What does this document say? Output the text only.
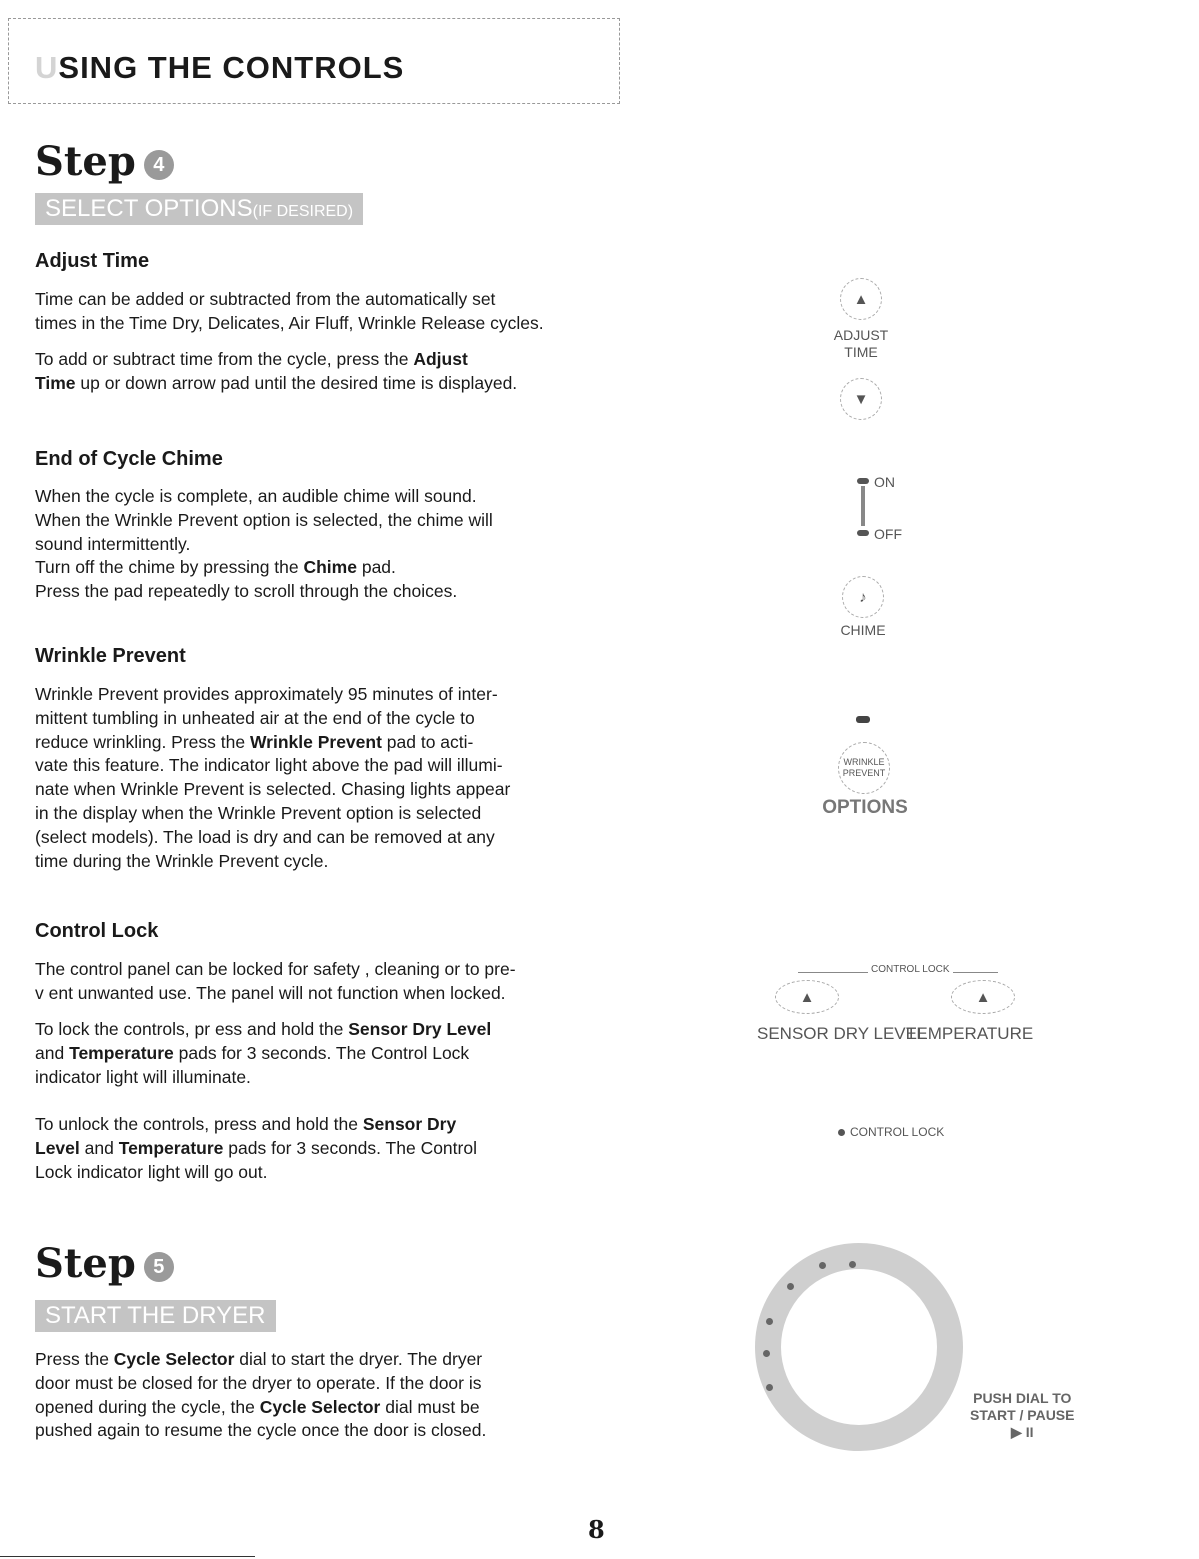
USING THE CONTROLS
Step 4
SELECT OPTIONS(IF DESIRED)
Adjust Time
Time can be added or subtracted from the automatically set
times in the Time Dry, Delicates, Air Fluff, Wrinkle Release cycles.
To add or subtract time from the cycle, press the Adjust
Time up or down arrow pad until the desired time is displayed.
End of Cycle Chime
When the cycle is complete, an audible chime will sound.
When the Wrinkle Prevent option is selected, the chime will
sound intermittently.
Turn off the chime by pressing the Chime pad.
Press the pad repeatedly to scroll through the choices.
Wrinkle Prevent
Wrinkle Prevent provides approximately 95 minutes of inter-
mittent tumbling in unheated air at the end of the cycle to
reduce wrinkling. Press the Wrinkle Prevent pad to acti-
vate this feature. The indicator light above the pad will illumi-
nate when Wrinkle Prevent is selected. Chasing lights appear
in the display when the Wrinkle Prevent option is selected
(select models). The load is dry and can be removed at any
time during the Wrinkle Prevent cycle.
Control Lock
The control panel can be locked for safety , cleaning or to pre-
v ent unwanted use. The panel will not function when locked.
To lock the controls, pr ess and hold the Sensor Dry Level
and Temperature pads for 3 seconds. The Control Lock
indicator light will illuminate.
To unlock the controls, press and hold the Sensor Dry
Level and Temperature pads for 3 seconds. The Control
Lock indicator light will go out.
Step 5
START THE DRYER
Press the Cycle Selector dial to start the dryer. The dryer
door must be closed for the dryer to operate. If the door is
opened during the cycle, the Cycle Selector dial must be
pushed again to resume the cycle once the door is closed.
▲
ADJUST
TIME
▼
ON
OFF
♪
CHIME
WRINKLE
PREVENT
OPTIONS
CONTROL LOCK
▲	▲
SENSOR DRY LEVEL
TEMPERATURE
CONTROL LOCK
PUSH DIAL TO
START / PAUSE
▶ II
8
